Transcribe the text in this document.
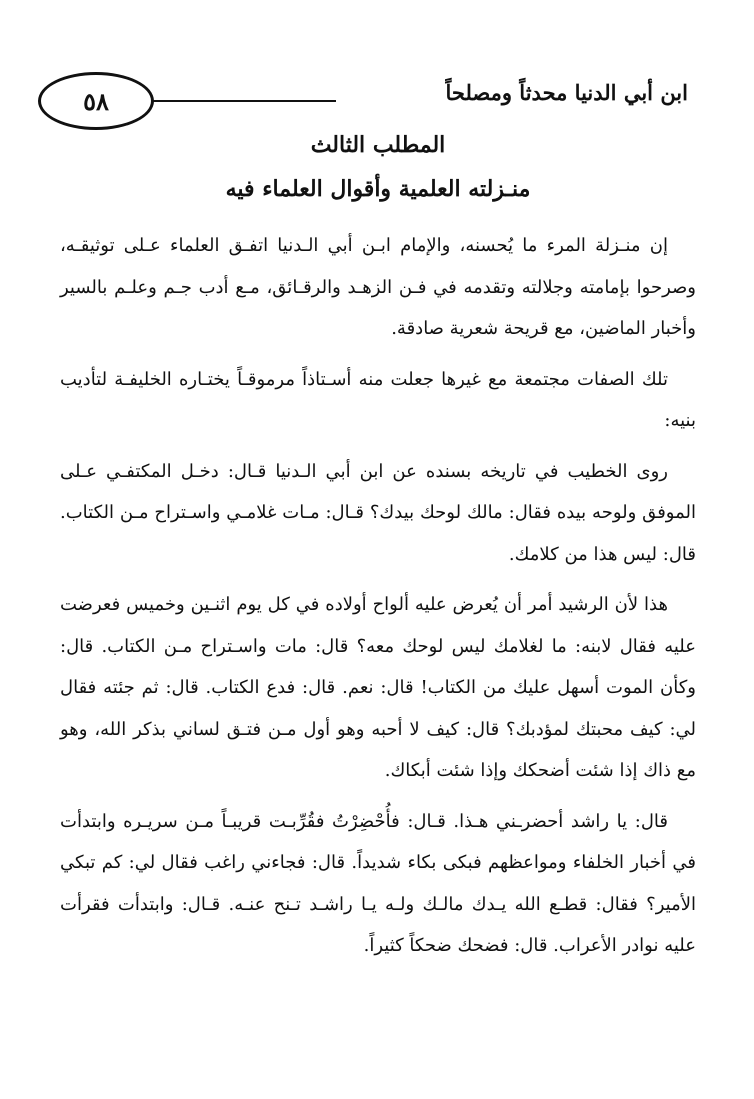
٥٨	ابن أبي الدنيا محدثاً ومصلحاً
المطلب الثالث
منـزلته العلمية وأقوال العلماء فيه

إن منـزلة المرء ما يُحسنه، والإمام ابـن أبي الـدنيا اتفـق العلماء عـلى توثيقـه، وصرحوا بإمامته وجلالته وتقدمه في فـن الزهـد والرقـائق، مـع أدب جـم وعلـم بالسير وأخبار الماضين، مع قريحة شعرية صادقة.

تلك الصفات مجتمعة مع غيرها جعلت منه أسـتاذاً مرموقـاً يختـاره الخليفـة لتأديب بنيه:

روى الخطيب في تاريخه بسنده عن ابن أبي الـدنيا قـال: دخـل المكتفـي عـلى الموفق ولوحه بيده فقال: مالك لوحك بيدك؟ قـال: مـات غلامـي واسـتراح مـن الكتاب. قال: ليس هذا من كلامك.

هذا لأن الرشيد أمر أن يُعرض عليه ألواح أولاده في كل يوم اثنـين وخميس فعرضت عليه فقال لابنه: ما لغلامك ليس لوحك معه؟ قال: مات واسـتراح مـن الكتاب. قال: وكأن الموت أسهل عليك من الكتاب! قال: نعم. قال: فدع الكتاب. قال: ثم جئته فقال لي: كيف محبتك لمؤدبك؟ قال: كيف لا أحبه وهو أول مـن فتـق لساني بذكر الله، وهو مع ذاك إذا شئت أضحكك وإذا شئت أبكاك.

قال: يا راشد أحضرـني هـذا. قـال: فأُحْضِرْتُ فقُرِّبـت قريبـاً مـن سريـره وابتدأت في أخبار الخلفاء ومواعظهم فبكى بكاء شديداً. قال: فجاءني راغب فقال لي: كم تبكي الأمير؟ فقال: قطـع الله يـدك مالـك ولـه يـا راشـد تـنح عنـه. قـال: وابتدأت فقرأت عليه نوادر الأعراب. قال: فضحك ضحكاً كثيراً.
